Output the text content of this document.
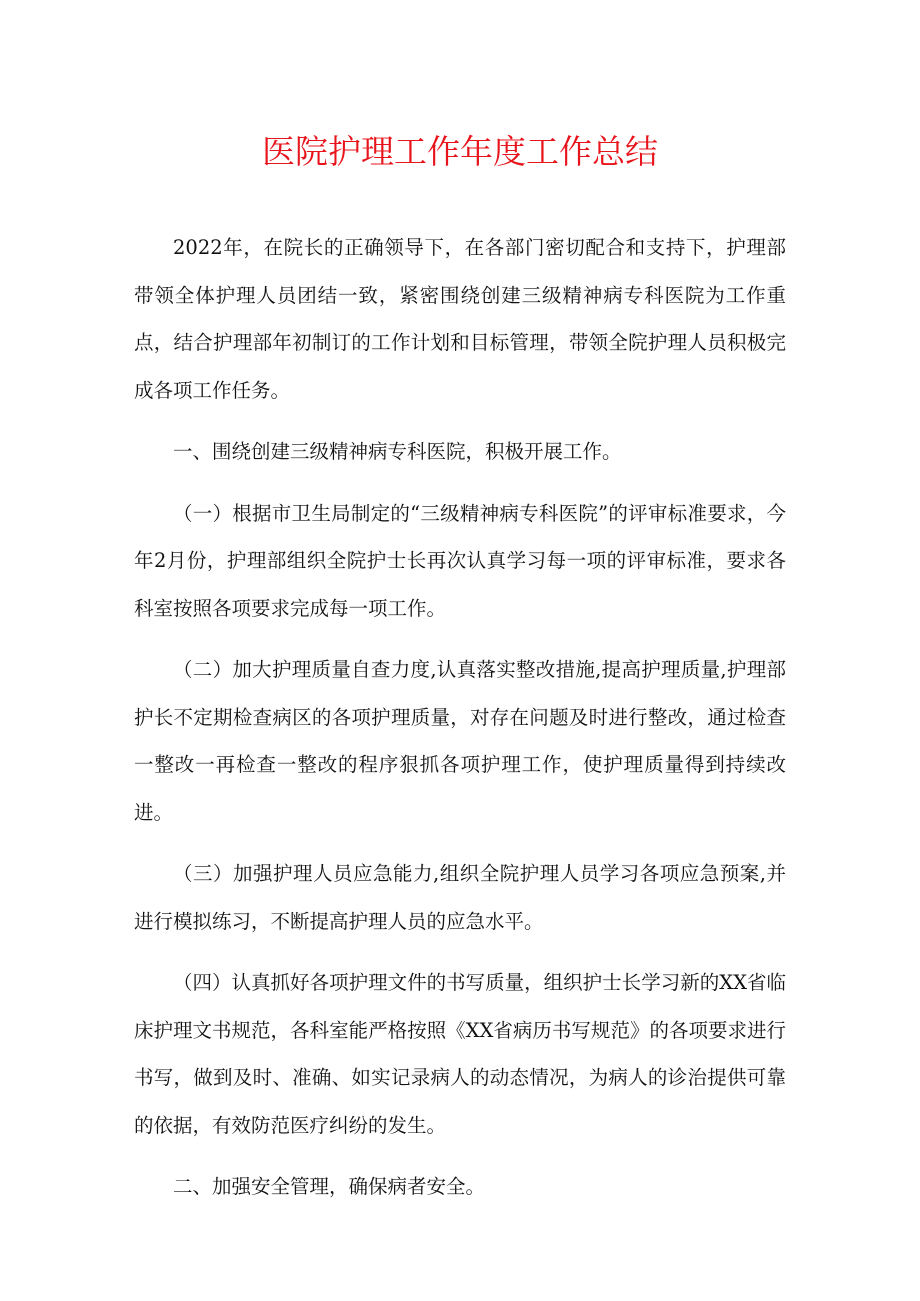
医院护理工作年度工作总结

2022年，在院长的正确领导下，在各部门密切配合和支持下，护理部带领全体护理人员团结一致，紧密围绕创建三级精神病专科医院为工作重点，结合护理部年初制订的工作计划和目标管理，带领全院护理人员积极完成各项工作任务。

一、围绕创建三级精神病专科医院，积极开展工作。

（一）根据市卫生局制定的“三级精神病专科医院”的评审标准要求，今年2月份，护理部组织全院护士长再次认真学习每一项的评审标准，要求各科室按照各项要求完成每一项工作。

（二）加大护理质量自查力度,认真落实整改措施,提高护理质量,护理部护长不定期检查病区的各项护理质量，对存在问题及时进行整改，通过检查一整改一再检查一整改的程序狠抓各项护理工作，使护理质量得到持续改进。

（三）加强护理人员应急能力,组织全院护理人员学习各项应急预案,并进行模拟练习，不断提高护理人员的应急水平。

（四）认真抓好各项护理文件的书写质量，组织护士长学习新的XX省临床护理文书规范，各科室能严格按照《XX省病历书写规范》的各项要求进行书写，做到及时、准确、如实记录病人的动态情况，为病人的诊治提供可靠的依据，有效防范医疗纠纷的发生。

二、加强安全管理，确保病者安全。
